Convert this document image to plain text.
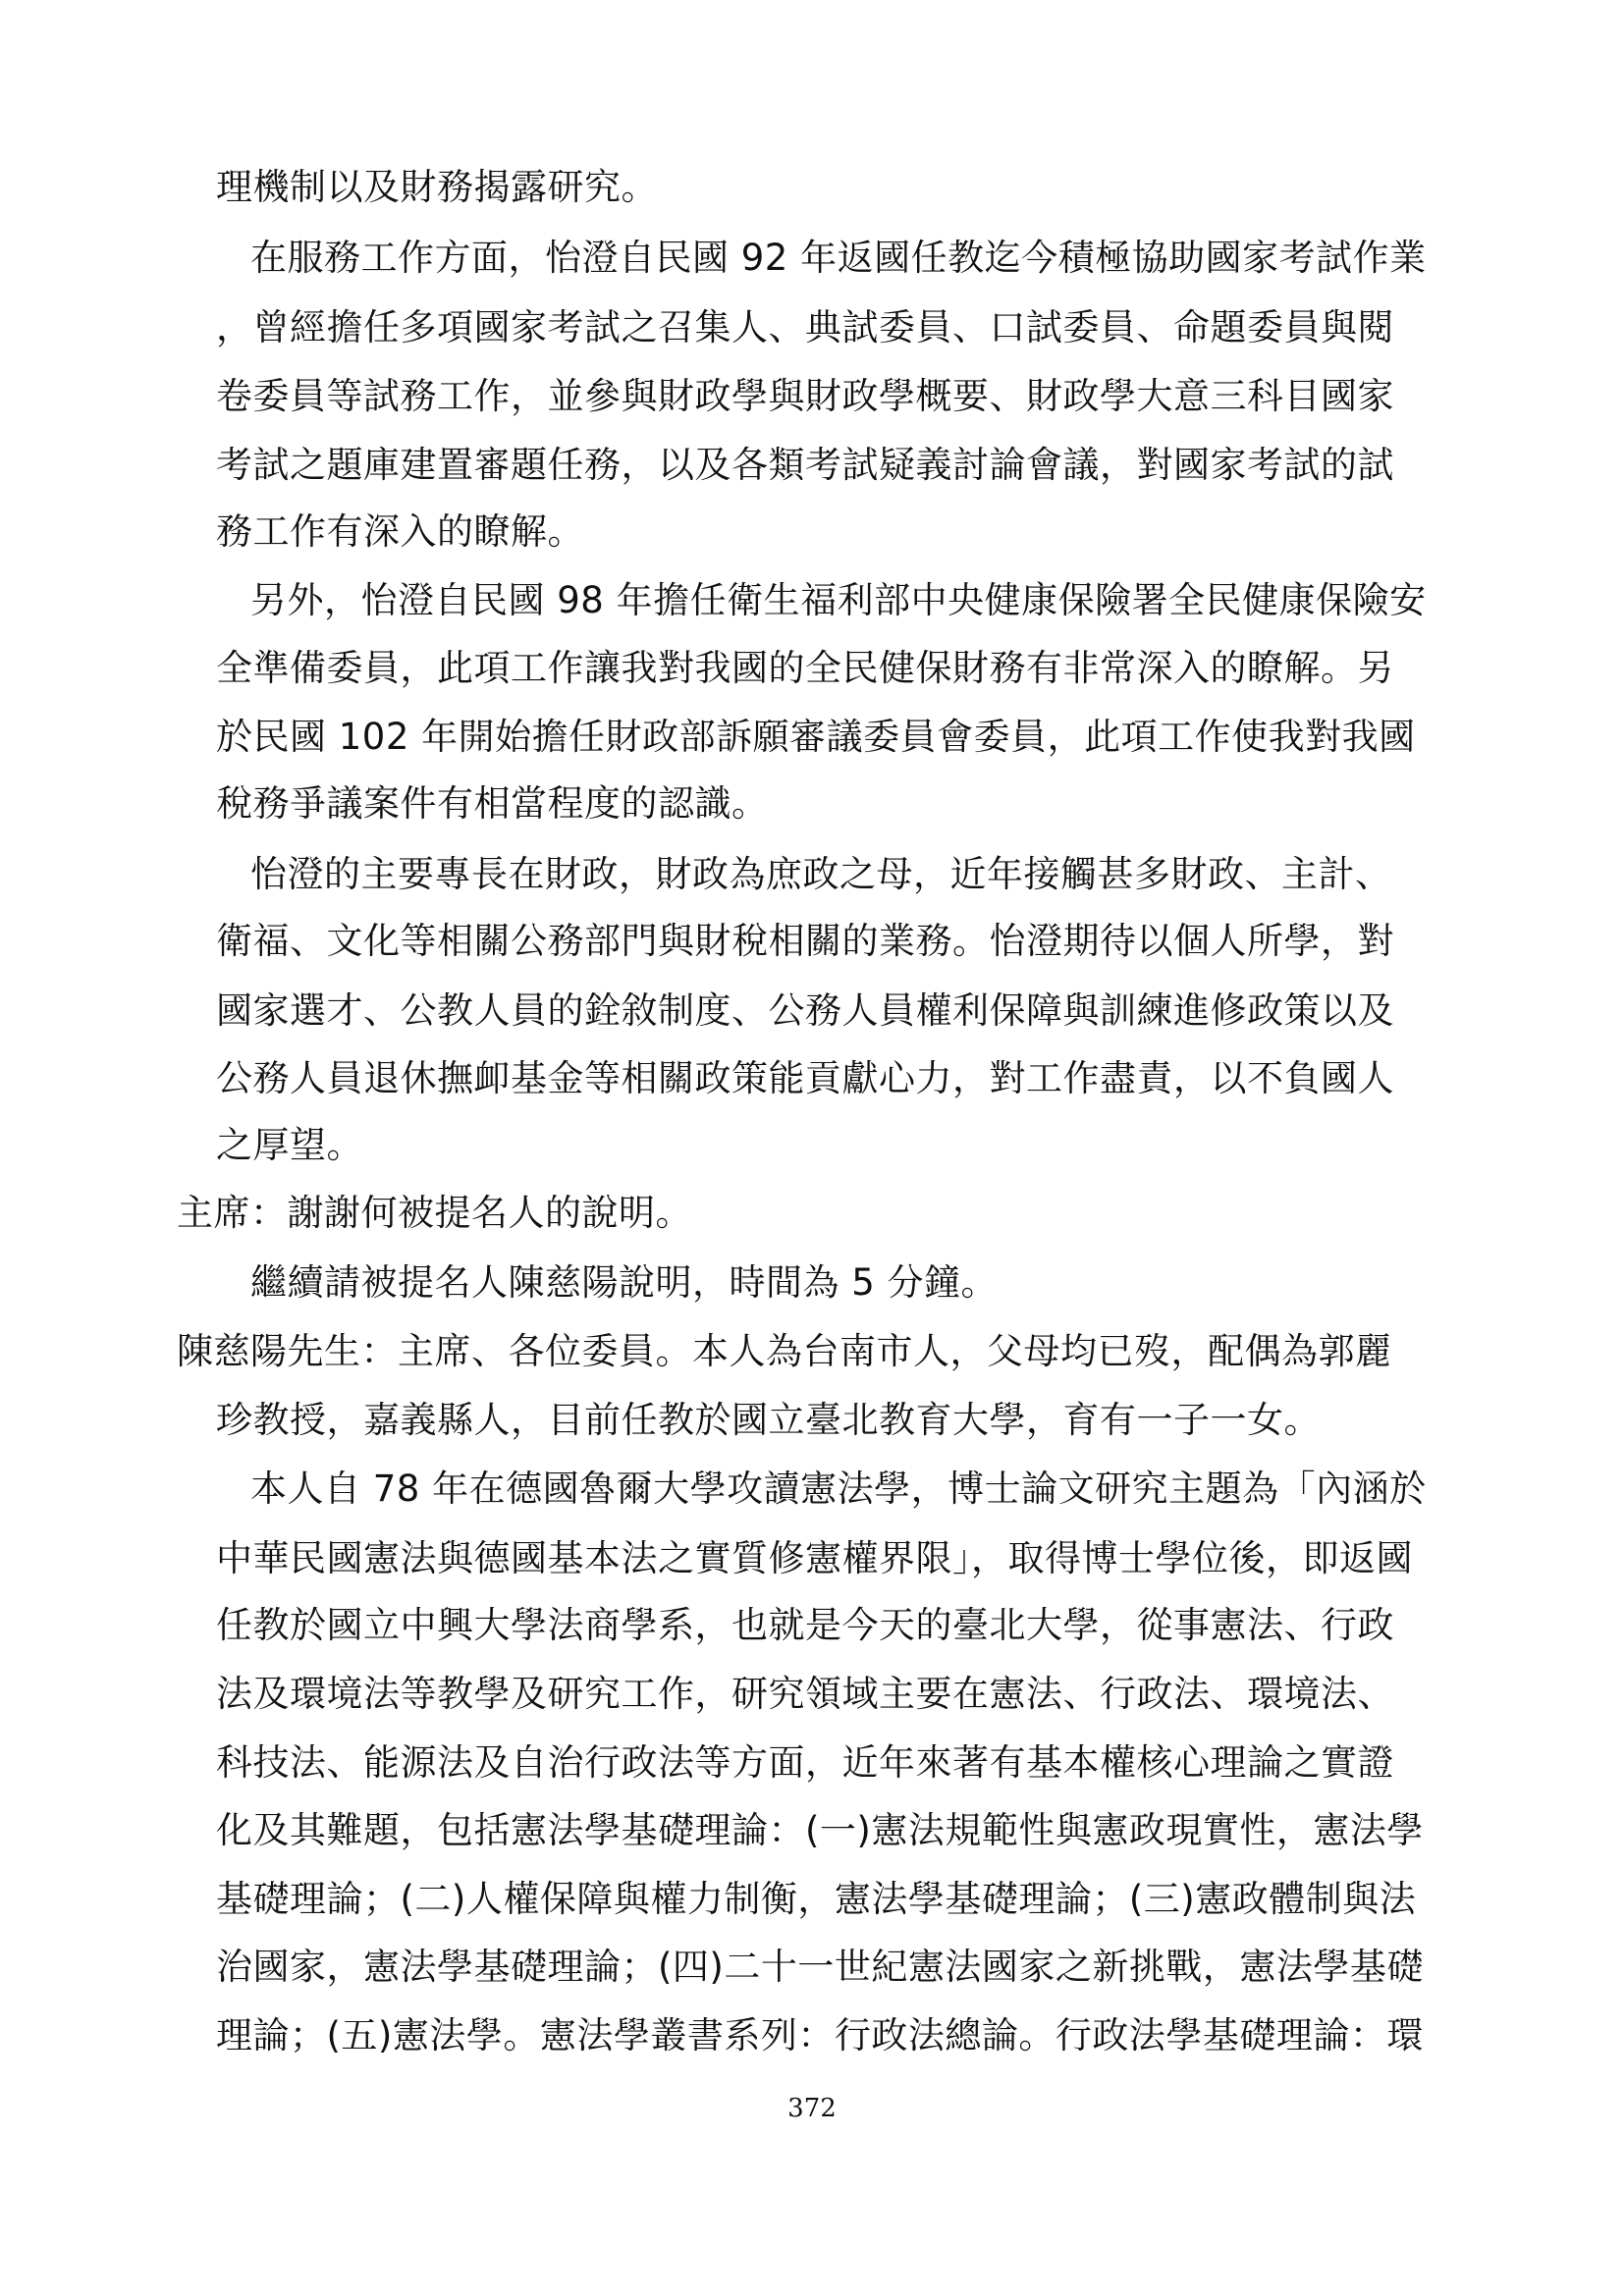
理機制以及財務揭露研究。
在服務工作方面，怡澄自民國 92 年返國任教迄今積極協助國家考試作業
，曾經擔任多項國家考試之召集人、典試委員、口試委員、命題委員與閱
卷委員等試務工作，並參與財政學與財政學概要、財政學大意三科目國家
考試之題庫建置審題任務，以及各類考試疑義討論會議，對國家考試的試
務工作有深入的瞭解。
另外，怡澄自民國 98 年擔任衛生福利部中央健康保險署全民健康保險安
全準備委員，此項工作讓我對我國的全民健保財務有非常深入的瞭解。另
於民國 102 年開始擔任財政部訴願審議委員會委員，此項工作使我對我國
稅務爭議案件有相當程度的認識。
怡澄的主要專長在財政，財政為庶政之母，近年接觸甚多財政、主計、
衛福、文化等相關公務部門與財稅相關的業務。怡澄期待以個人所學，對
國家選才、公教人員的銓敘制度、公務人員權利保障與訓練進修政策以及
公務人員退休撫卹基金等相關政策能貢獻心力，對工作盡責，以不負國人
之厚望。
主席：謝謝何被提名人的說明。
繼續請被提名人陳慈陽說明，時間為 5 分鐘。
陳慈陽先生：主席、各位委員。本人為台南市人，父母均已歿，配偶為郭麗
珍教授，嘉義縣人，目前任教於國立臺北教育大學，育有一子一女。
本人自 78 年在德國魯爾大學攻讀憲法學，博士論文研究主題為「內涵於
中華民國憲法與德國基本法之實質修憲權界限」，取得博士學位後，即返國
任教於國立中興大學法商學系，也就是今天的臺北大學，從事憲法、行政
法及環境法等教學及研究工作，研究領域主要在憲法、行政法、環境法、
科技法、能源法及自治行政法等方面，近年來著有基本權核心理論之實證
化及其難題，包括憲法學基礎理論：(一)憲法規範性與憲政現實性，憲法學
基礎理論；(二)人權保障與權力制衡，憲法學基礎理論；(三)憲政體制與法
治國家，憲法學基礎理論；(四)二十一世紀憲法國家之新挑戰，憲法學基礎
理論；(五)憲法學。憲法學叢書系列：行政法總論。行政法學基礎理論：環
372
